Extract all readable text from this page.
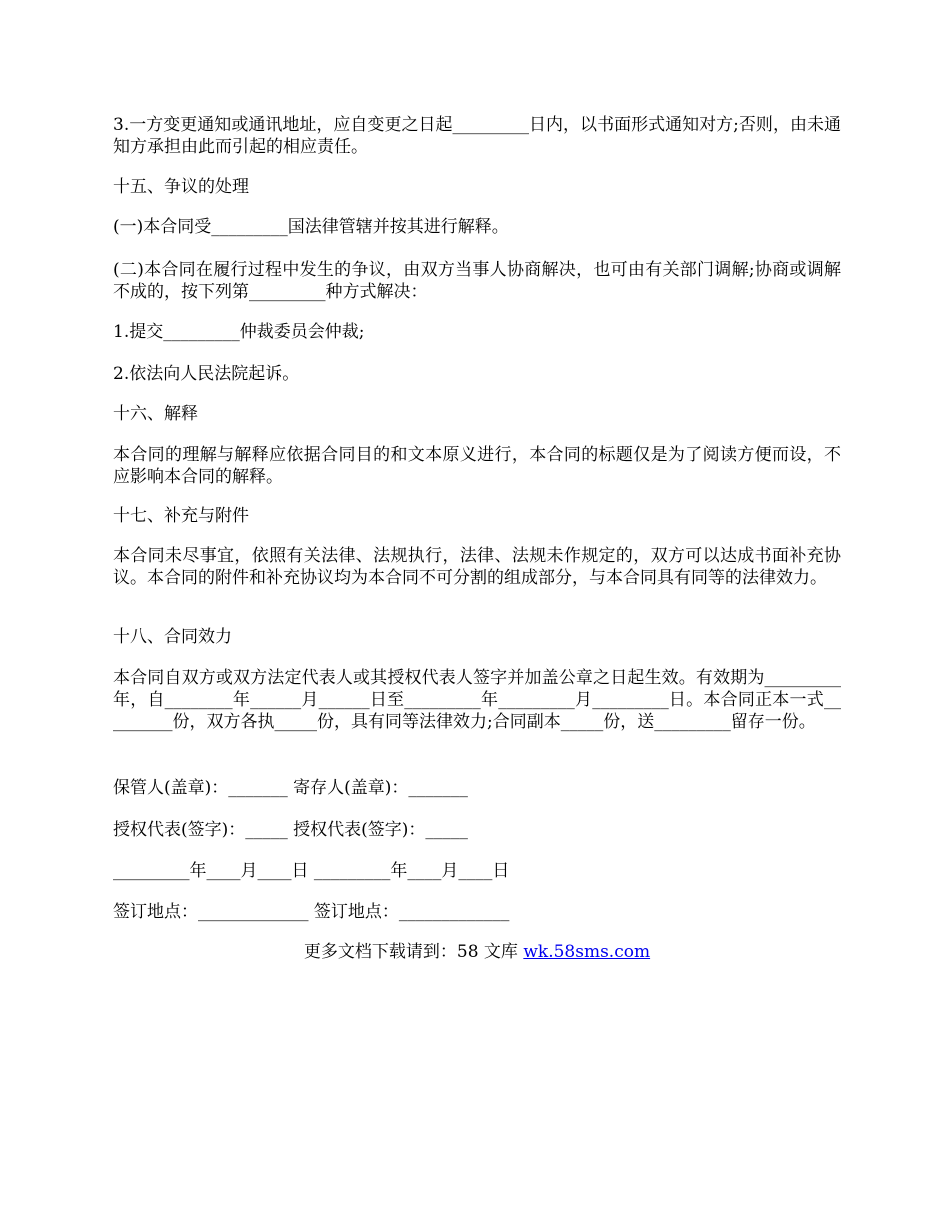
3.一方变更通知或通讯地址，应自变更之日起_________日内，以书面形式通知对方;否则，由未通知方承担由此而引起的相应责任。
十五、争议的处理
(一)本合同受_________国法律管辖并按其进行解释。
(二)本合同在履行过程中发生的争议，由双方当事人协商解决，也可由有关部门调解;协商或调解不成的，按下列第_________种方式解决：
1.提交_________仲裁委员会仲裁;
2.依法向人民法院起诉。
十六、解释
本合同的理解与解释应依据合同目的和文本原义进行，本合同的标题仅是为了阅读方便而设，不应影响本合同的解释。
十七、补充与附件
本合同未尽事宜，依照有关法律、法规执行，法律、法规未作规定的，双方可以达成书面补充协议。本合同的附件和补充协议均为本合同不可分割的组成部分，与本合同具有同等的法律效力。
十八、合同效力
本合同自双方或双方法定代表人或其授权代表人签字并加盖公章之日起生效。有效期为_________年，自________年______月______日至_________年_________月_________日。本合同正本一式_________份，双方各执_____份，具有同等法律效力;合同副本_____份，送_________留存一份。
保管人(盖章)：_______ 寄存人(盖章)：_______
授权代表(签字)：_____ 授权代表(签字)：_____
_________年____月____日 _________年____月____日
签订地点：_____________ 签订地点：_____________
更多文档下载请到：58 文库 wk.58sms.com
